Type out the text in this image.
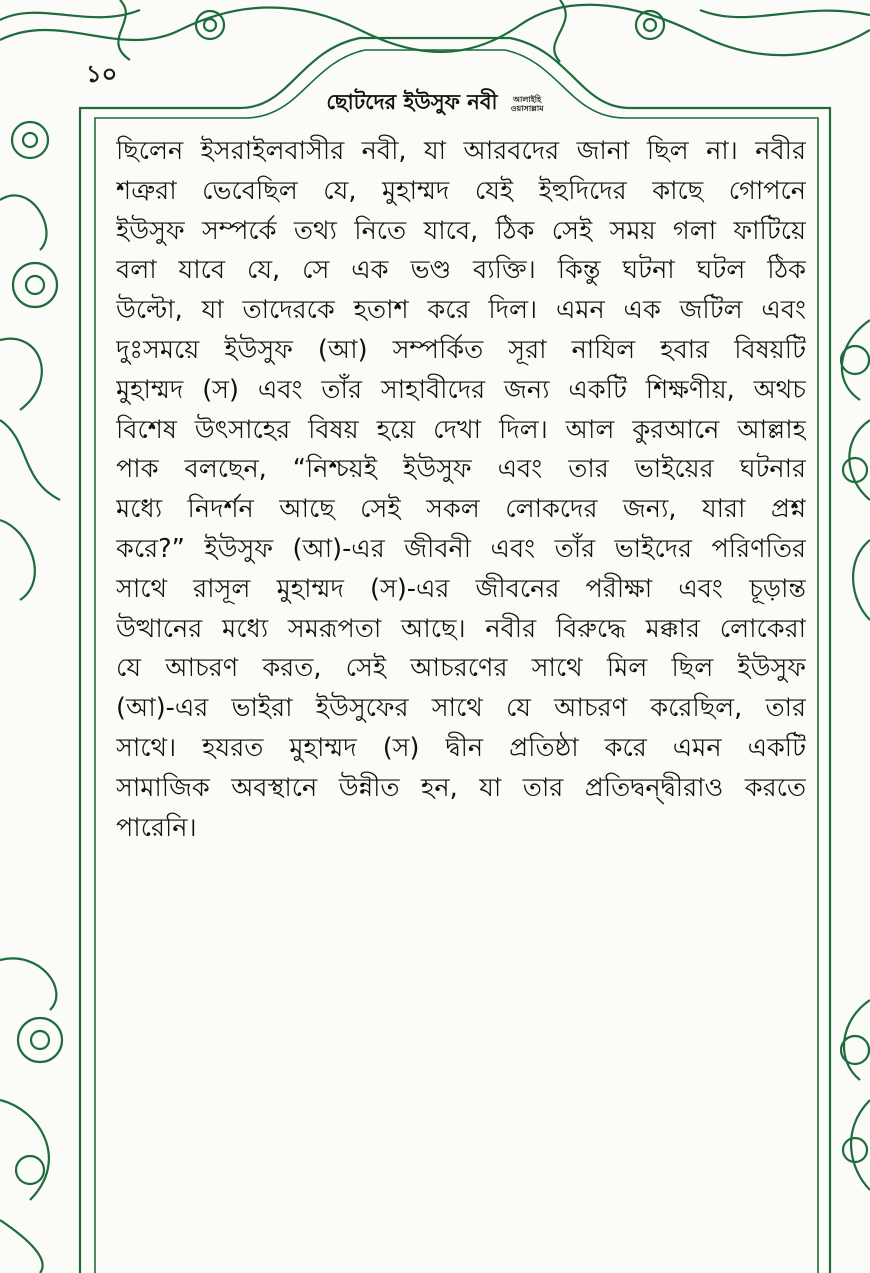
১০
ছোটদের ইউসুফ নবী আলাইহি
ওয়াসাল্লাম
ছিলেন ইসরাইলবাসীর নবী, যা আরবদের জানা ছিল না। নবীর
শত্রুরা ভেবেছিল যে, মুহাম্মদ যেই ইহুদিদের কাছে গোপনে
ইউসুফ সম্পর্কে তথ্য নিতে যাবে, ঠিক সেই সময় গলা ফাটিয়ে
বলা যাবে যে, সে এক ভণ্ড ব্যক্তি। কিন্তু ঘটনা ঘটল ঠিক
উল্টো, যা তাদেরকে হতাশ করে দিল। এমন এক জটিল এবং
দুঃসময়ে ইউসুফ (আ) সম্পর্কিত সূরা নাযিল হবার বিষয়টি
মুহাম্মদ (স) এবং তাঁর সাহাবীদের জন্য একটি শিক্ষণীয়, অথচ
বিশেষ উৎসাহের বিষয় হয়ে দেখা দিল। আল কুরআনে আল্লাহ
পাক বলছেন, “নিশ্চয়ই ইউসুফ এবং তার ভাইয়ের ঘটনার
মধ্যে নিদর্শন আছে সেই সকল লোকদের জন্য, যারা প্রশ্ন
করে?” ইউসুফ (আ)-এর জীবনী এবং তাঁর ভাইদের পরিণতির
সাথে রাসূল মুহাম্মদ (স)-এর জীবনের পরীক্ষা এবং চূড়ান্ত
উত্থানের মধ্যে সমরূপতা আছে। নবীর বিরুদ্ধে মক্কার লোকেরা
যে আচরণ করত, সেই আচরণের সাথে মিল ছিল ইউসুফ
(আ)-এর ভাইরা ইউসুফের সাথে যে আচরণ করেছিল, তার
সাথে। হযরত মুহাম্মদ (স) দ্বীন প্রতিষ্ঠা করে এমন একটি
সামাজিক অবস্থানে উন্নীত হন, যা তার প্রতিদ্বন্দ্বীরাও করতে
পারেনি।
